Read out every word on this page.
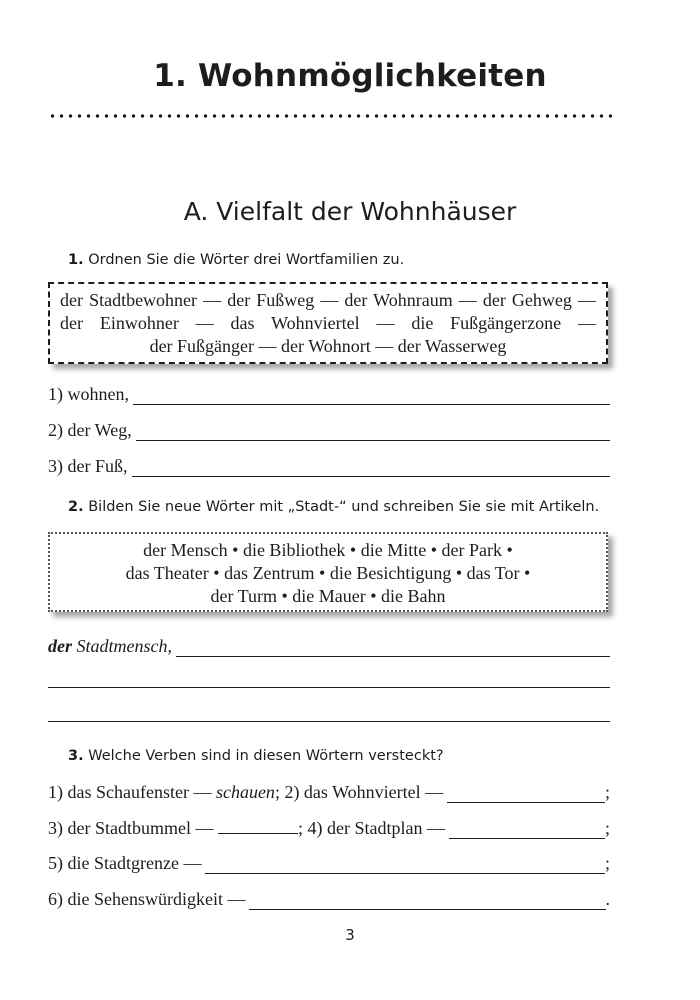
1. Wohnmöglichkeiten
A. Vielfalt der Wohnhäuser
1. Ordnen Sie die Wörter drei Wortfamilien zu.
der Stadtbewohner — der Fußweg — der Wohnraum — der Gehweg —
der Einwohner — das Wohnviertel — die Fußgängerzone —
der Fußgänger — der Wohnort — der Wasserweg
1) wohnen,
2) der Weg,
3) der Fuß,
2. Bilden Sie neue Wörter mit „Stadt-“ und schreiben Sie sie mit Artikeln.
der Mensch • die Bibliothek • die Mitte • der Park •
das Theater • das Zentrum • die Besichtigung • das Tor •
der Turm • die Mauer • die Bahn
der Stadtmensch,
3. Welche Verben sind in diesen Wörtern versteckt?
1) das Schaufenster — schauen; 2) das Wohnviertel —	;
3) der Stadtbummel —	; 4) der Stadtplan —	;
5) die Stadtgrenze —	;
6) die Sehenswürdigkeit —	.
3
